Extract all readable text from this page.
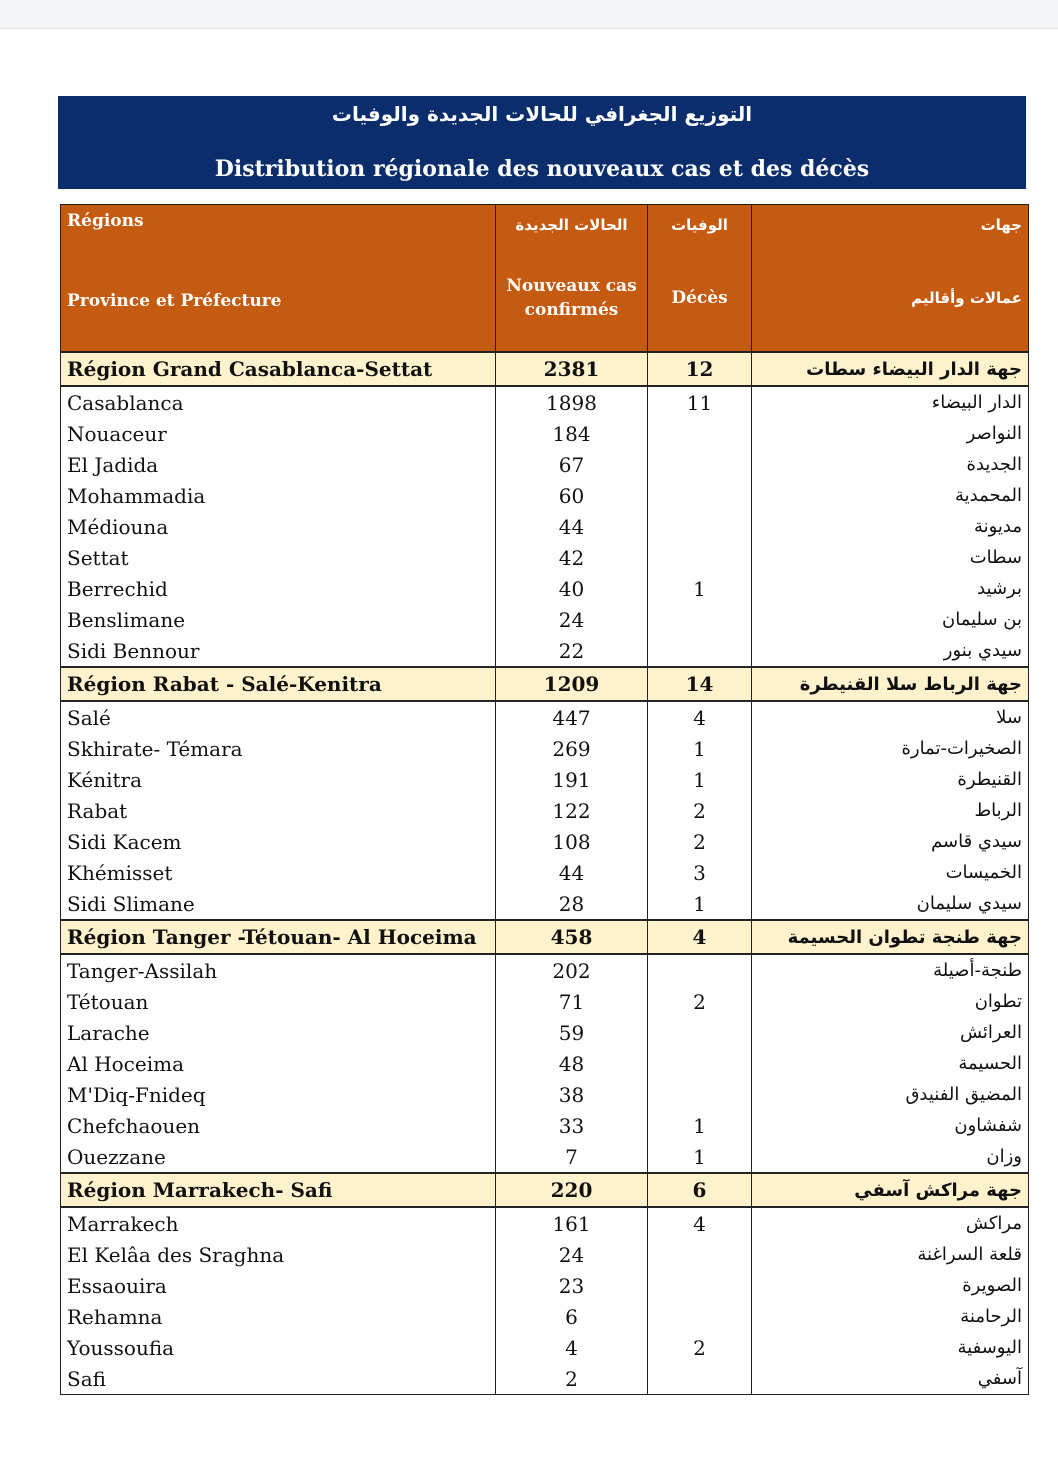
التوزيع الجغرافي للحالات الجديدة والوفيات
Distribution régionale des nouveaux cas et des décès
Régions	الحالات الجديدة	الوفيات	جهات
Province et Préfecture	Nouveaux cas confirmés	Décès	عمالات وأقاليم
Région Grand Casablanca-Settat	2381	12	جهة الدار البيضاء سطات
Casablanca	1898	11	الدار البيضاء
Nouaceur	184		النواصر
El Jadida	67		الجديدة
Mohammadia	60		المحمدية
Médiouna	44		مديونة
Settat	42		سطات
Berrechid	40	1	برشيد
Benslimane	24		بن سليمان
Sidi Bennour	22		سيدي بنور
Région Rabat - Salé-Kenitra	1209	14	جهة الرباط سلا القنيطرة
Salé	447	4	سلا
Skhirate- Témara	269	1	الصخيرات-تمارة
Kénitra	191	1	القنيطرة
Rabat	122	2	الرباط
Sidi Kacem	108	2	سيدي قاسم
Khémisset	44	3	الخميسات
Sidi Slimane	28	1	سيدي سليمان
Région Tanger -Tétouan- Al Hoceima	458	4	جهة طنجة تطوان الحسيمة
Tanger-Assilah	202		طنجة-أصيلة
Tétouan	71	2	تطوان
Larache	59		العرائش
Al Hoceima	48		الحسيمة
M'Diq-Fnideq	38		المضيق الفنيدق
Chefchaouen	33	1	شفشاون
Ouezzane	7	1	وزان
Région Marrakech- Safi	220	6	جهة مراكش آسفي
Marrakech	161	4	مراكش
El Kelâa des Sraghna	24		قلعة السراغنة
Essaouira	23		الصويرة
Rehamna	6		الرحامنة
Youssoufia	4	2	اليوسفية
Safi	2		آسفي
